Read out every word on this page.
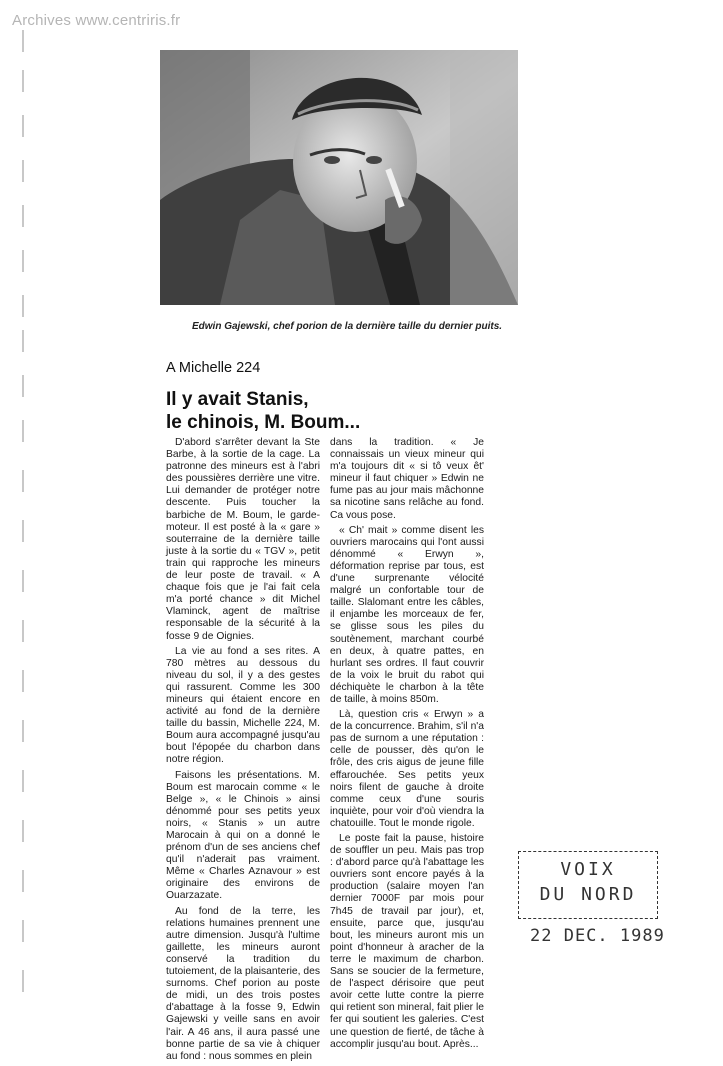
Archives www.centriris.fr
Edwin Gajewski, chef porion de la dernière taille du dernier puits.
A Michelle 224
Il y avait Stanis,
le chinois, M. Boum...

D'abord s'arrêter devant la Ste Barbe, à la sortie de la cage. La patronne des mineurs est à l'abri des poussières derrière une vitre. Lui demander de protéger notre descente. Puis toucher la barbiche de M. Boum, le garde-moteur. Il est posté à la « gare » souterraine de la dernière taille juste à la sortie du « TGV », petit train qui rapproche les mineurs de leur poste de travail. « A chaque fois que je l'ai fait cela m'a porté chance » dit Michel Vlaminck, agent de maîtrise responsable de la sécurité à la fosse 9 de Oignies.

La vie au fond a ses rites. A 780 mètres au dessous du niveau du sol, il y a des gestes qui rassurent. Comme les 300 mineurs qui étaient encore en activité au fond de la dernière taille du bassin, Michelle 224, M. Boum aura accompagné jusqu'au bout l'épopée du charbon dans notre région.

Faisons les présentations. M. Boum est marocain comme « le Belge », « le Chinois » ainsi dénommé pour ses petits yeux noirs, « Stanis » un autre Marocain à qui on a donné le prénom d'un de ses anciens chef qu'il n'aderait pas vraiment. Même « Charles Aznavour » est originaire des environs de Ouarzazate.

Au fond de la terre, les relations humaines prennent une autre dimension. Jusqu'à l'ultime gaillette, les mineurs auront conservé la tradition du tutoiement, de la plaisanterie, des surnoms. Chef porion au poste de midi, un des trois postes d'abattage à la fosse 9, Edwin Gajewski y veille sans en avoir l'air. A 46 ans, il aura passé une bonne partie de sa vie à chiquer au fond : nous sommes en plein

dans la tradition. « Je connaissais un vieux mineur qui m'a toujours dit « si tô veux êt' mineur il faut chiquer » Edwin ne fume pas au jour mais mâchonne sa nicotine sans relâche au fond. Ca vous pose.

« Ch' mait » comme disent les ouvriers marocains qui l'ont aussi dénommé « Erwyn », déformation reprise par tous, est d'une surprenante vélocité malgré un confortable tour de taille. Slalomant entre les câbles, il enjambe les morceaux de fer, se glisse sous les piles du soutènement, marchant courbé en deux, à quatre pattes, en hurlant ses ordres. Il faut couvrir de la voix le bruit du rabot qui déchiquète le charbon à la tête de taille, à moins 850m.

Là, question cris « Erwyn » a de la concurrence. Brahim, s'il n'a pas de surnom a une réputation : celle de pousser, dès qu'on le frôle, des cris aigus de jeune fille effarouchée. Ses petits yeux noirs filent de gauche à droite comme ceux d'une souris inquiète, pour voir d'où viendra la chatouille. Tout le monde rigole.

Le poste fait la pause, histoire de souffler un peu. Mais pas trop : d'abord parce qu'à l'abattage les ouvriers sont encore payés à la production (salaire moyen l'an dernier 7000F par mois pour 7h45 de travail par jour), et, ensuite, parce que, jusqu'au bout, les mineurs auront mis un point d'honneur à aracher de la terre le maximum de charbon. Sans se soucier de la fermeture, de l'aspect dérisoire que peut avoir cette lutte contre la pierre qui retient son mineral, fait plier le fer qui soutient les galeries. C'est une question de fierté, de tâche à accomplir jusqu'au bout. Après...

VOIX
DU NORD
22 DEC. 1989
